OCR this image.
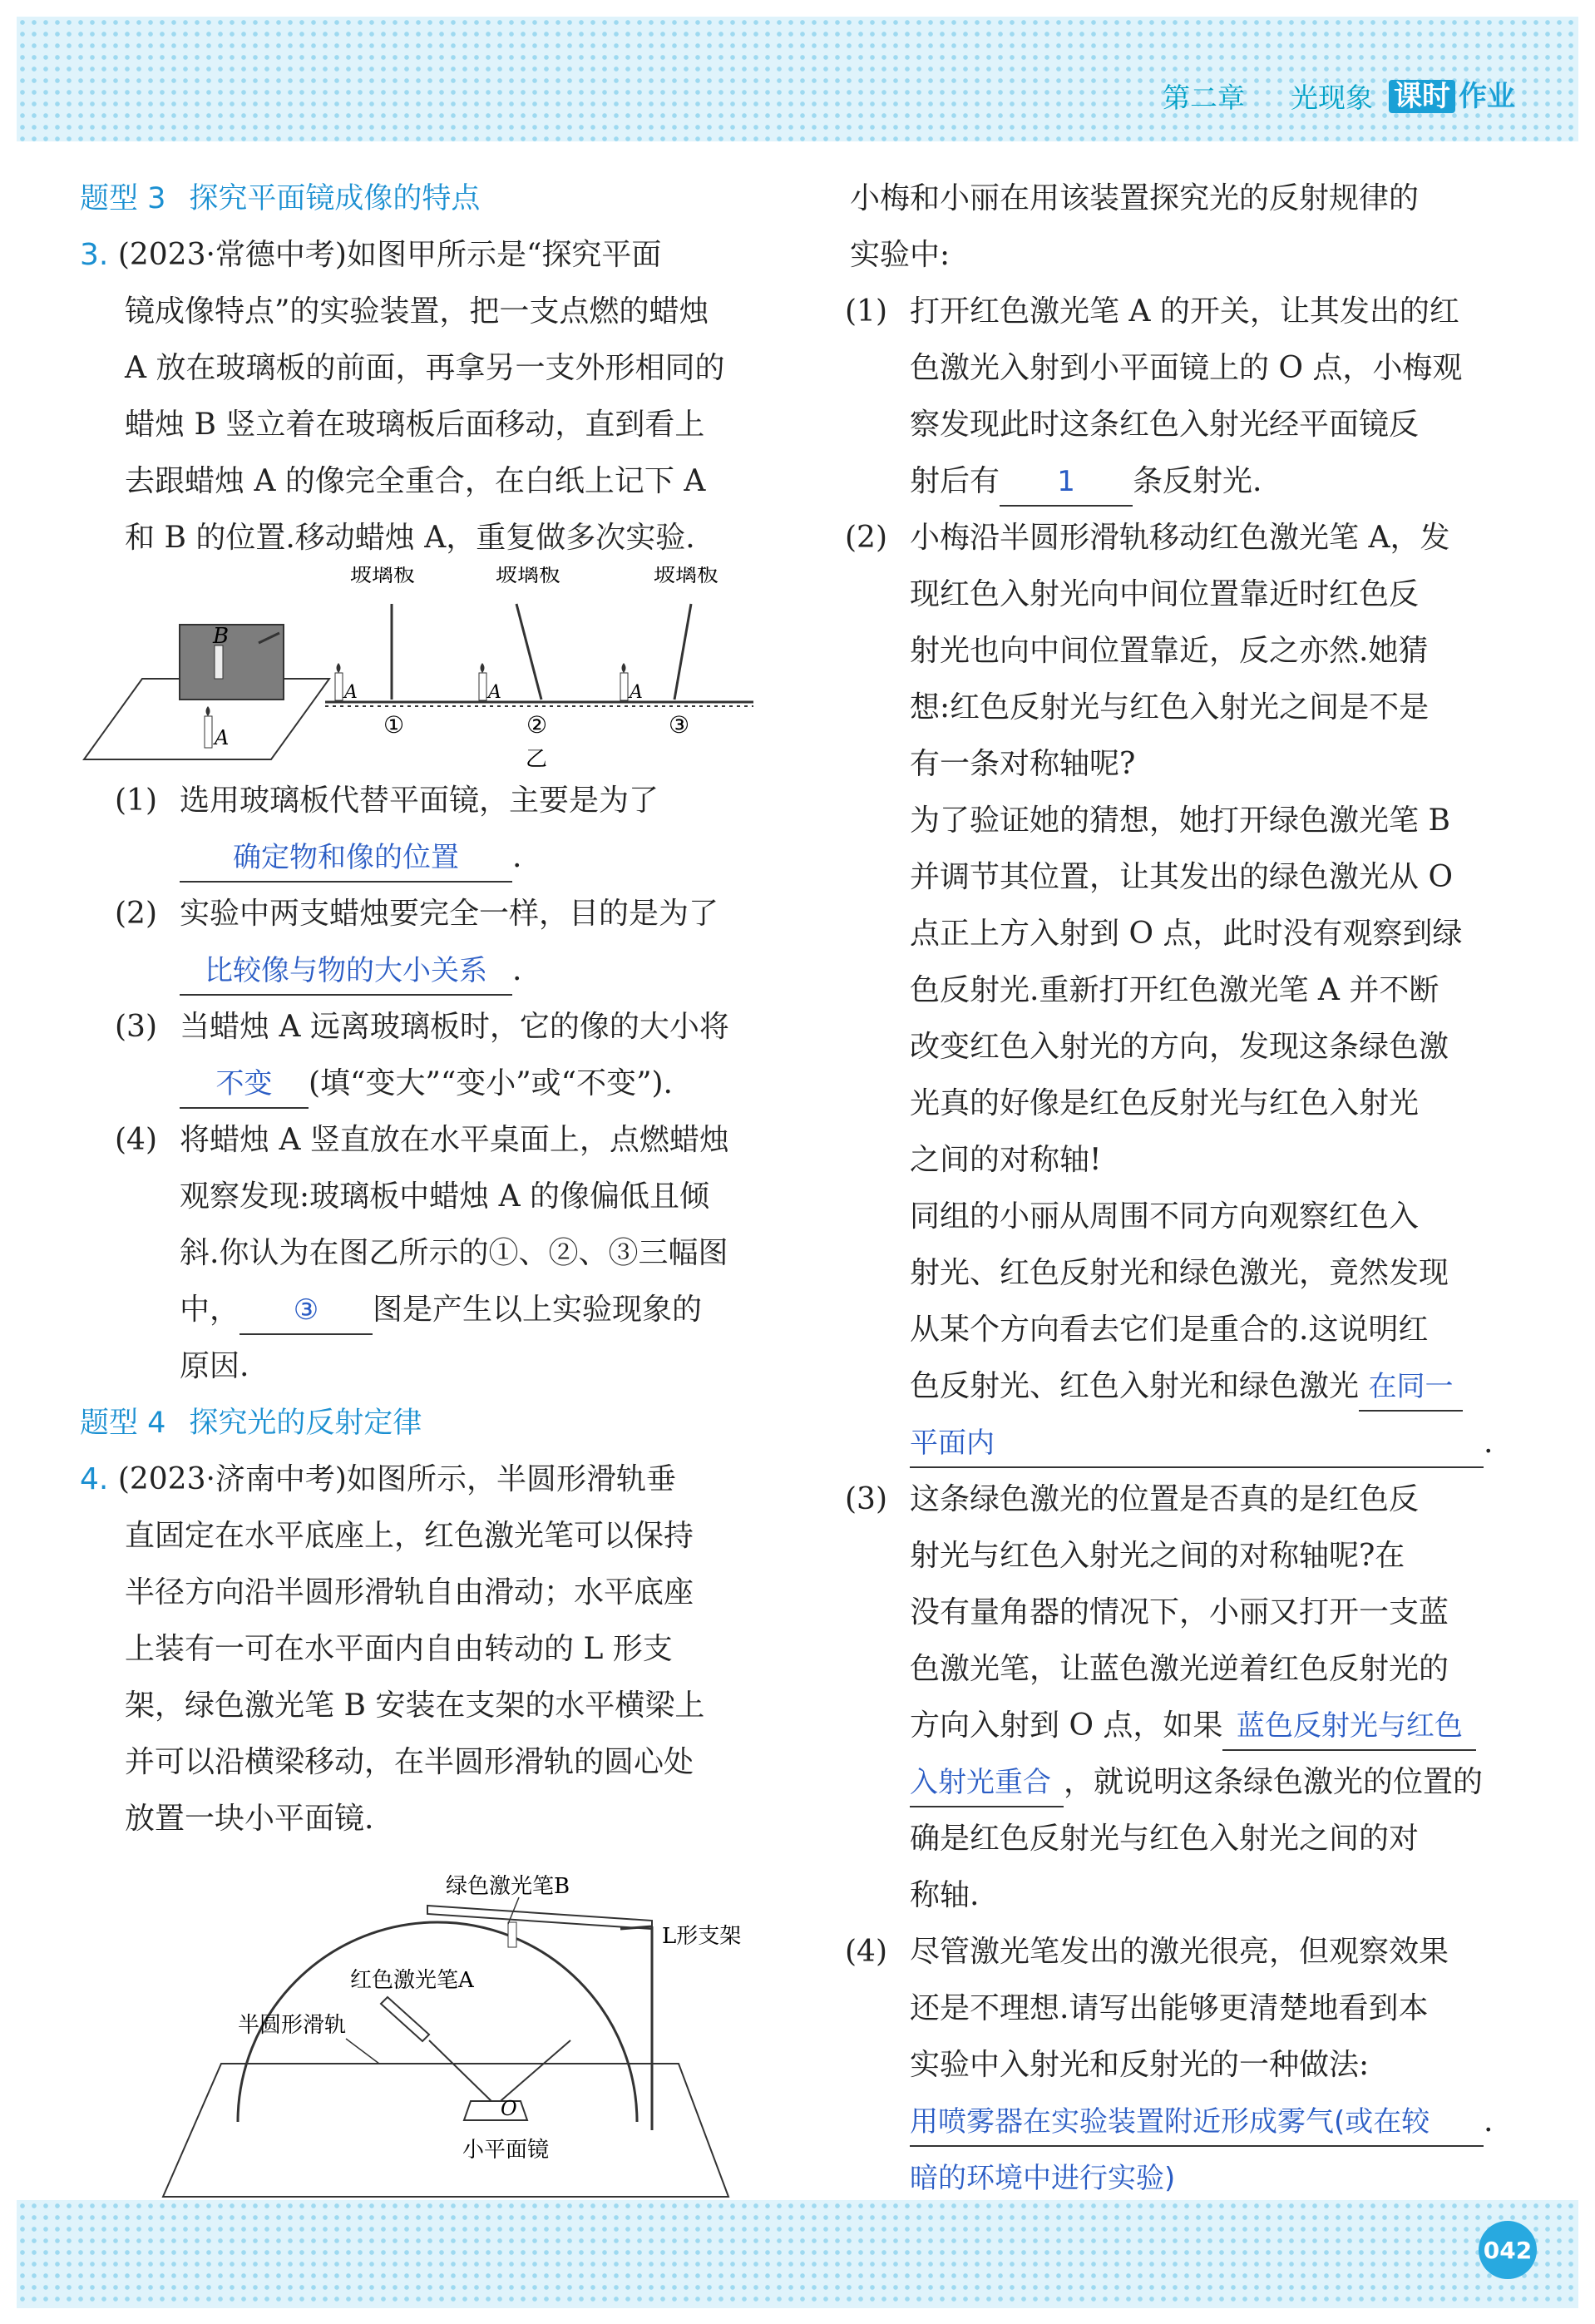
第二章 光现象 课时 作业
题型 3 探究平面镜成像的特点
3. (2023·常德中考)如图甲所示是“探究平面
镜成像特点”的实验装置，把一支点燃的蜡烛
A 放在玻璃板的前面，再拿另一支外形相同的
蜡烛 B 竖立着在玻璃板后面移动，直到看上
去跟蜡烛 A 的像完全重合，在白纸上记下 A
和 B 的位置.移动蜡烛 A，重复做多次实验.
B
A
玻璃板
A
①
玻璃板
A
②
乙
玻璃板
A
③
(1) 选用玻璃板代替平面镜，主要是为了
确定物和像的位置 .
(2) 实验中两支蜡烛要完全一样，目的是为了
比较像与物的大小关系 .
(3) 当蜡烛 A 远离玻璃板时，它的像的大小将
不变 (填“变大”“变小”或“不变”).
(4) 将蜡烛 A 竖直放在水平桌面上，点燃蜡烛
观察发现:玻璃板中蜡烛 A 的像偏低且倾
斜.你认为在图乙所示的①、②、③三幅图
中， ③ 图是产生以上实验现象的
原因.
题型 4 探究光的反射定律
4. (2023·济南中考)如图所示，半圆形滑轨垂
直固定在水平底座上，红色激光笔可以保持
半径方向沿半圆形滑轨自由滑动；水平底座
上装有一可在水平面内自由转动的 L 形支
架，绿色激光笔 B 安装在支架的水平横梁上
并可以沿横梁移动，在半圆形滑轨的圆心处
放置一块小平面镜.
绿色激光笔B
L形支架
红色激光笔A
半圆形滑轨
O
小平面镜
小梅和小丽在用该装置探究光的反射规律的
实验中:
(1) 打开红色激光笔 A 的开关，让其发出的红
色激光入射到小平面镜上的 O 点，小梅观
察发现此时这条红色入射光经平面镜反
射后有 1 条反射光.
(2) 小梅沿半圆形滑轨移动红色激光笔 A，发
现红色入射光向中间位置靠近时红色反
射光也向中间位置靠近，反之亦然.她猜
想:红色反射光与红色入射光之间是不是
有一条对称轴呢?
为了验证她的猜想，她打开绿色激光笔 B
并调节其位置，让其发出的绿色激光从 O
点正上方入射到 O 点，此时没有观察到绿
色反射光.重新打开红色激光笔 A 并不断
改变红色入射光的方向，发现这条绿色激
光真的好像是红色反射光与红色入射光
之间的对称轴!
同组的小丽从周围不同方向观察红色入
射光、红色反射光和绿色激光，竟然发现
从某个方向看去它们是重合的.这说明红
色反射光、红色入射光和绿色激光 在同一
平面内	.
(3) 这条绿色激光的位置是否真的是红色反
射光与红色入射光之间的对称轴呢?在
没有量角器的情况下，小丽又打开一支蓝
色激光笔，让蓝色激光逆着红色反射光的
方向入射到 O 点，如果 蓝色反射光与红色
入射光重合 ，就说明这条绿色激光的位置的
确是红色反射光与红色入射光之间的对
称轴.
(4) 尽管激光笔发出的激光很亮，但观察效果
还是不理想.请写出能够更清楚地看到本
实验中入射光和反射光的一种做法:
用喷雾器在实验装置附近形成雾气(或在较 .
暗的环境中进行实验)
042
